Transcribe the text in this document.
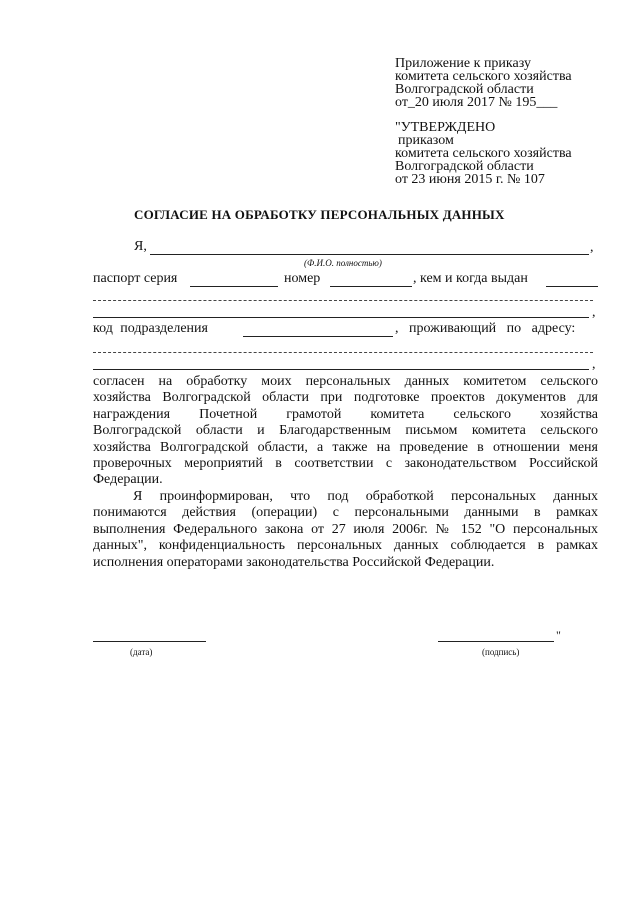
Приложение к приказу
комитета сельского хозяйства
Волгоградской области
от_20 июля 2017 № 195___
"УТВЕРЖДЕНО
приказом
комитета сельского хозяйства
Волгоградской области
от 23 июня 2015 г. № 107
СОГЛАСИЕ НА ОБРАБОТКУ ПЕРСОНАЛЬНЫХ ДАННЫХ
Я,	,
(Ф.И.О. полностью)
паспорт серия	номер	, кем и когда выдан
,
код подразделения	, проживающий по адресу:
,
согласен на обработку моих персональных данных комитетом сельского
хозяйства Волгоградской области при подготовке проектов документов для
награждения Почетной грамотой комитета сельского хозяйства
Волгоградской области и Благодарственным письмом комитета сельского
хозяйства Волгоградской области, а также на проведение в отношении меня
проверочных мероприятий в соответствии с законодательством Российской
Федерации.
Я проинформирован, что под обработкой персональных данных
понимаются действия (операции) с персональными данными в рамках
выполнения Федерального закона от 27 июля 2006г. № 152 "О персональных
данных", конфиденциальность персональных данных соблюдается в рамках
исполнения операторами законодательства Российской Федерации.
(дата)
"
(подпись)
